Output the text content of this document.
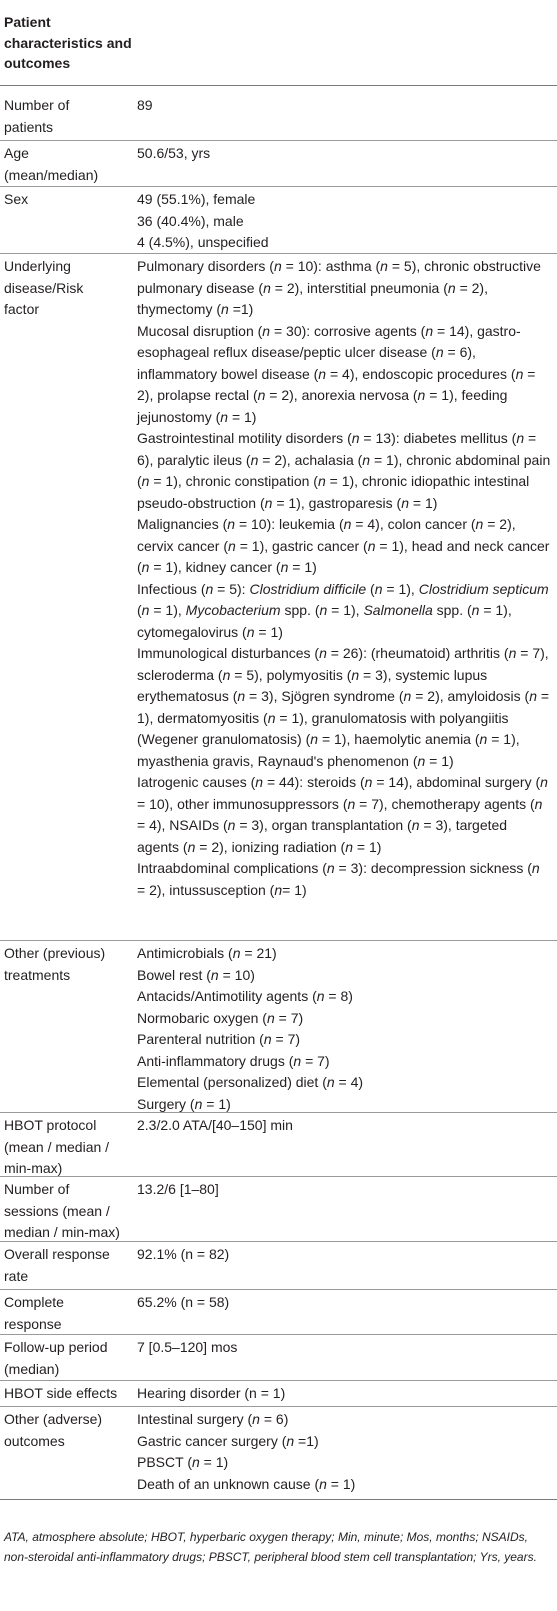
Patient characteristics and outcomes
Number of
patients
89
Age
(mean/median)
50.6/53, yrs
Sex	49 (55.1%), female
36 (40.4%), male
4 (4.5%), unspecified
Underlying
disease/Risk
factor
Pulmonary disorders (n = 10): asthma (n = 5), chronic obstructive pulmonary disease (n = 2), interstitial pneumonia (n = 2), thymectomy (n =1)
Mucosal disruption (n = 30): corrosive agents (n = 14), gastro-esophageal reflux disease/peptic ulcer disease (n = 6), inflammatory bowel disease (n = 4), endoscopic procedures (n = 2), prolapse rectal (n = 2), anorexia nervosa (n = 1), feeding jejunostomy (n = 1)
Gastrointestinal motility disorders (n = 13): diabetes mellitus (n = 6), paralytic ileus (n = 2), achalasia (n = 1), chronic abdominal pain (n = 1), chronic constipation (n = 1), chronic idiopathic intestinal pseudo-obstruction (n = 1), gastroparesis (n = 1)
Malignancies (n = 10): leukemia (n = 4), colon cancer (n = 2), cervix cancer (n = 1), gastric cancer (n = 1), head and neck cancer (n = 1), kidney cancer (n = 1)
Infectious (n = 5): Clostridium difficile (n = 1), Clostridium septicum (n = 1), Mycobacterium spp. (n = 1), Salmonella spp. (n = 1), cytomegalovirus (n = 1)
Immunological disturbances (n = 26): (rheumatoid) arthritis (n = 7), scleroderma (n = 5), polymyositis (n = 3), systemic lupus erythematosus (n = 3), Sjögren syndrome (n = 2), amyloidosis (n = 1), dermatomyositis (n = 1), granulomatosis with polyangiitis (Wegener granulomatosis) (n = 1), haemolytic anemia (n = 1), myasthenia gravis, Raynaud's phenomenon (n = 1)
Iatrogenic causes (n = 44): steroids (n = 14), abdominal surgery (n = 10), other immunosuppressors (n = 7), chemotherapy agents (n = 4), NSAIDs (n = 3), organ transplantation (n = 3), targeted agents (n = 2), ionizing radiation (n = 1)
Intraabdominal complications (n = 3): decompression sickness (n = 2), intussusception (n= 1)
Other (previous)
treatments
Antimicrobials (n = 21)
Bowel rest (n = 10)
Antacids/Antimotility agents (n = 8)
Normobaric oxygen (n = 7)
Parenteral nutrition (n = 7)
Anti-inflammatory drugs (n = 7)
Elemental (personalized) diet (n = 4)
Surgery (n = 1)
HBOT protocol
(mean / median /
min-max)
2.3/2.0 ATA/[40–150] min
Number of
sessions (mean /
median / min-max)
13.2/6 [1–80]
Overall response
rate
92.1% (n = 82)
Complete
response
65.2% (n = 58)
Follow-up period
(median)
7 [0.5–120] mos
HBOT side effects	Hearing disorder (n = 1)
Other (adverse)
outcomes
Intestinal surgery (n = 6)
Gastric cancer surgery (n =1)
PBSCT (n = 1)
Death of an unknown cause (n = 1)
ATA, atmosphere absolute; HBOT, hyperbaric oxygen therapy; Min, minute; Mos, months; NSAIDs, non-steroidal anti-inflammatory drugs; PBSCT, peripheral blood stem cell transplantation; Yrs, years.
